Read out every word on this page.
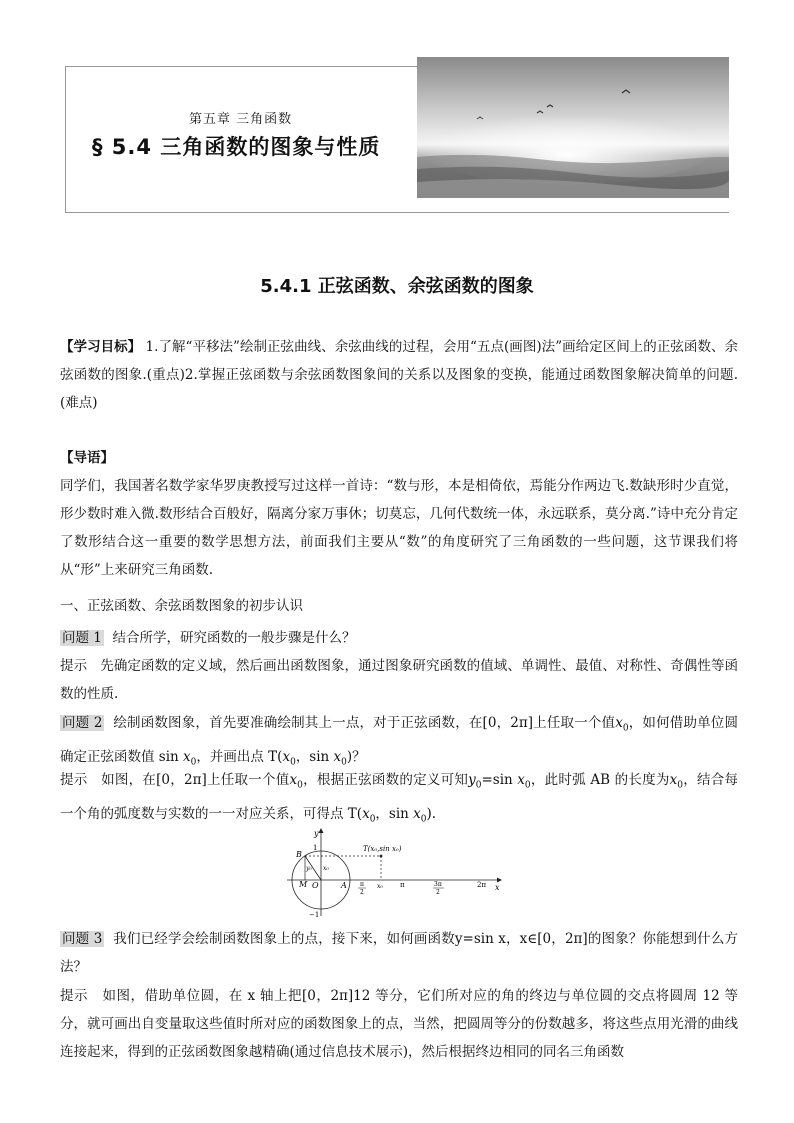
第五章 三角函数
§ 5.4 三角函数的图象与性质
5.4.1 正弦函数、余弦函数的图象
【学习目标】 1.了解“平移法”绘制正弦曲线、余弦曲线的过程，会用“五点(画图)法”画给定区间上的正弦函数、余弦函数的图象.(重点)2.掌握正弦函数与余弦函数图象间的关系以及图象的变换，能通过函数图象解决简单的问题.(难点)
【导语】
同学们，我国著名数学家华罗庚教授写过这样一首诗：“数与形，本是相倚依，焉能分作两边飞.数缺形时少直觉，形少数时难入微.数形结合百般好，隔离分家万事休；切莫忘，几何代数统一体，永远联系，莫分离.”诗中充分肯定了数形结合这一重要的数学思想方法，前面我们主要从“数”的角度研究了三角函数的一些问题，这节课我们将从“形”上来研究三角函数.
一、正弦函数、余弦函数图象的初步认识
问题 1 结合所学，研究函数的一般步骤是什么？
提示 先确定函数的定义域，然后画出函数图象，通过图象研究函数的值域、单调性、最值、对称性、奇偶性等函数的性质.
问题 2 绘制函数图象，首先要准确绘制其上一点，对于正弦函数，在[0，2π]上任取一个值$x_0$，如何借助单位圆确定正弦函数值 $\sin x_0$，并画出点 $T(x_0$，$\sin x_0$)？
提示 如图，在[0，2π]上任取一个值$x_0$，根据正弦函数的定义可知$y_0=\sin$ $x_0$，此时弧 AB 的长度为$x_0$，结合每一个角的弧度数与实数的一一对应关系，可得点 $T(x_0$，$\sin x_0$).
y
x
1
−1
T(x₀,sin x₀)
B
M O	A
y₀ x₀
π
2
x₀ π	3π
2
2π
问题 3 我们已经学会绘制函数图象上的点，接下来，如何画函数y=sin x，x∈[0，2π]的图象？你能想到什么方法？
提示 如图，借助单位圆，在 x 轴上把[0，2π]12 等分，它们所对应的角的终边与单位圆的交点将圆周 12 等分，就可画出自变量取这些值时所对应的函数图象上的点，当然，把圆周等分的份数越多，将这些点用光滑的曲线连接起来，得到的正弦函数图象越精确(通过信息技术展示)，然后根据终边相同的同名三角函数
